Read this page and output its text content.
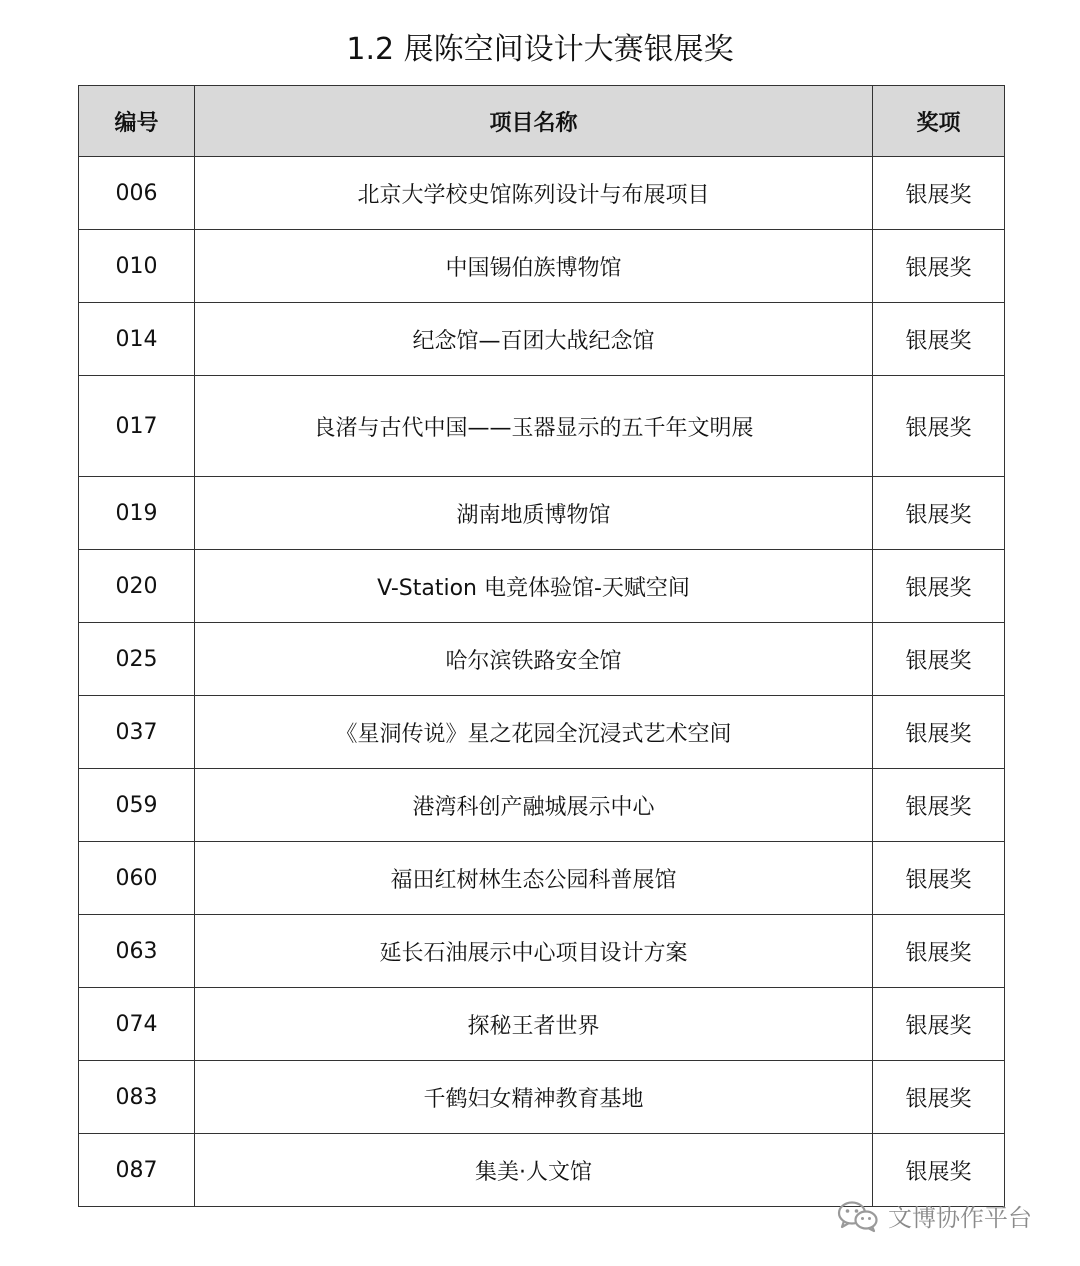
1.2 展陈空间设计大赛银展奖
编号	项目名称	奖项
006	北京大学校史馆陈列设计与布展项目	银展奖
010	中国锡伯族博物馆	银展奖
014	纪念馆—百团大战纪念馆	银展奖
017	良渚与古代中国——玉器显示的五千年文明展	银展奖
019	湖南地质博物馆	银展奖
020	V-Station 电竞体验馆-天赋空间	银展奖
025	哈尔滨铁路安全馆	银展奖
037	《星洞传说》星之花园全沉浸式艺术空间	银展奖
059	港湾科创产融城展示中心	银展奖
060	福田红树林生态公园科普展馆	银展奖
063	延长石油展示中心项目设计方案	银展奖
074	探秘王者世界	银展奖
083	千鹤妇女精神教育基地	银展奖
087	集美·人文馆	银展奖
文博协作平台
